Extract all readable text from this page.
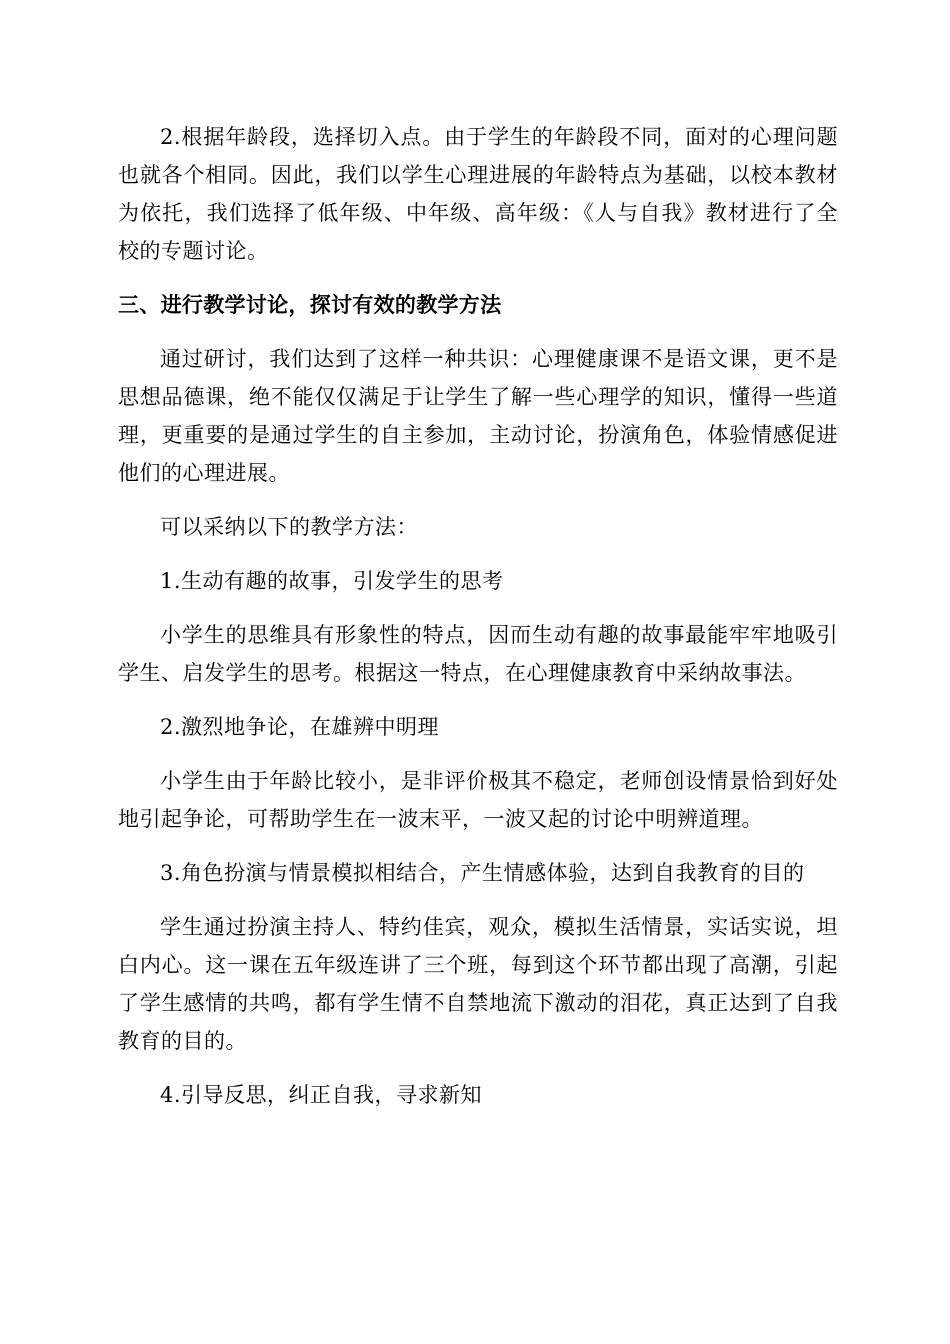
2.根据年龄段，选择切入点。由于学生的年龄段不同，面对的心理问题也就各个相同。因此，我们以学生心理进展的年龄特点为基础，以校本教材为依托，我们选择了低年级、中年级、高年级：《人与自我》教材进行了全校的专题讨论。

三、进行教学讨论，探讨有效的教学方法

通过研讨，我们达到了这样一种共识：心理健康课不是语文课，更不是思想品德课，绝不能仅仅满足于让学生了解一些心理学的知识，懂得一些道理，更重要的是通过学生的自主参加，主动讨论，扮演角色，体验情感促进他们的心理进展。

可以采纳以下的教学方法：

1.生动有趣的故事，引发学生的思考

小学生的思维具有形象性的特点，因而生动有趣的故事最能牢牢地吸引学生、启发学生的思考。根据这一特点，在心理健康教育中采纳故事法。

2.激烈地争论，在雄辨中明理

小学生由于年龄比较小，是非评价极其不稳定，老师创设情景恰到好处地引起争论，可帮助学生在一波末平，一波又起的讨论中明辨道理。

3.角色扮演与情景模拟相结合，产生情感体验，达到自我教育的目的

学生通过扮演主持人、特约佳宾，观众，模拟生活情景，实话实说，坦白内心。这一课在五年级连讲了三个班，每到这个环节都出现了高潮，引起了学生感情的共鸣，都有学生情不自禁地流下激动的泪花，真正达到了自我教育的目的。

4.引导反思，纠正自我，寻求新知
